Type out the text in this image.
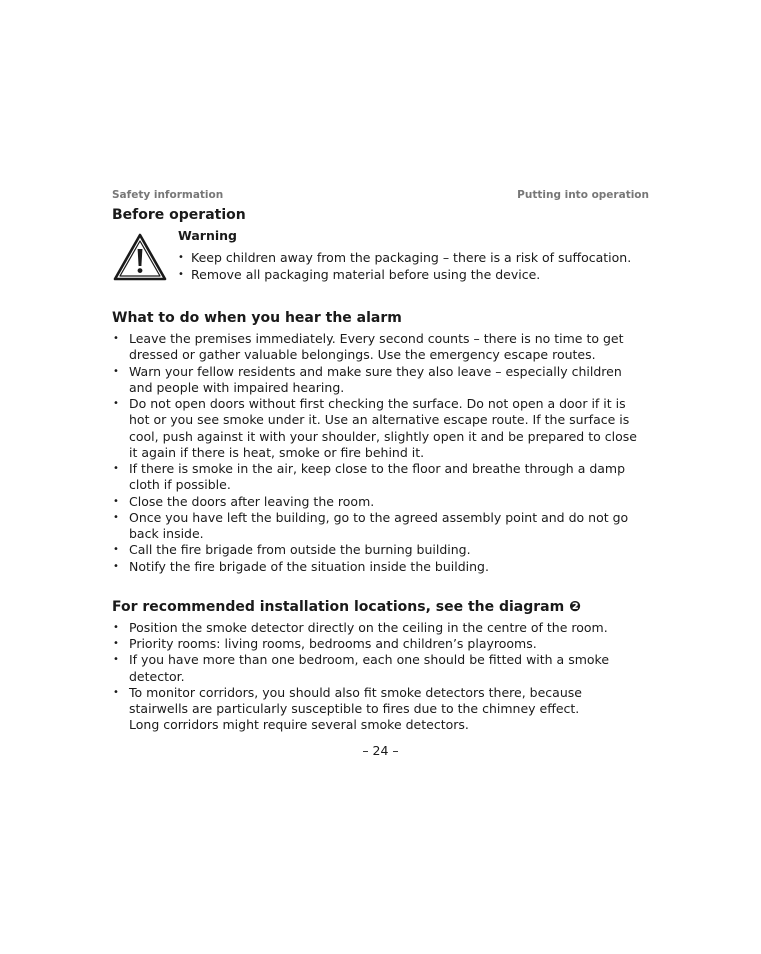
Safety information	Putting into operation
Before operation
Warning
• Keep children away from the packaging – there is a risk of suffocation.
• Remove all packaging material before using the device.
What to do when you hear the alarm
• Leave the premises immediately. Every second counts – there is no time to get
dressed or gather valuable belongings. Use the emergency escape routes.
• Warn your fellow residents and make sure they also leave – especially children
and people with impaired hearing.
• Do not open doors without first checking the surface. Do not open a door if it is
hot or you see smoke under it. Use an alternative escape route. If the surface is
cool, push against it with your shoulder, slightly open it and be prepared to close
it again if there is heat, smoke or fire behind it.
• If there is smoke in the air, keep close to the floor and breathe through a damp
cloth if possible.
• Close the doors after leaving the room.
• Once you have left the building, go to the agreed assembly point and do not go
back inside.
• Call the fire brigade from outside the burning building.
• Notify the fire brigade of the situation inside the building.
For recommended installation locations, see the diagram ❷
• Position the smoke detector directly on the ceiling in the centre of the room.
• Priority rooms: living rooms, bedrooms and children’s playrooms.
• If you have more than one bedroom, each one should be fitted with a smoke
detector.
• To monitor corridors, you should also fit smoke detectors there, because
stairwells are particularly susceptible to fires due to the chimney effect.
Long corridors might require several smoke detectors.
– 24 –
